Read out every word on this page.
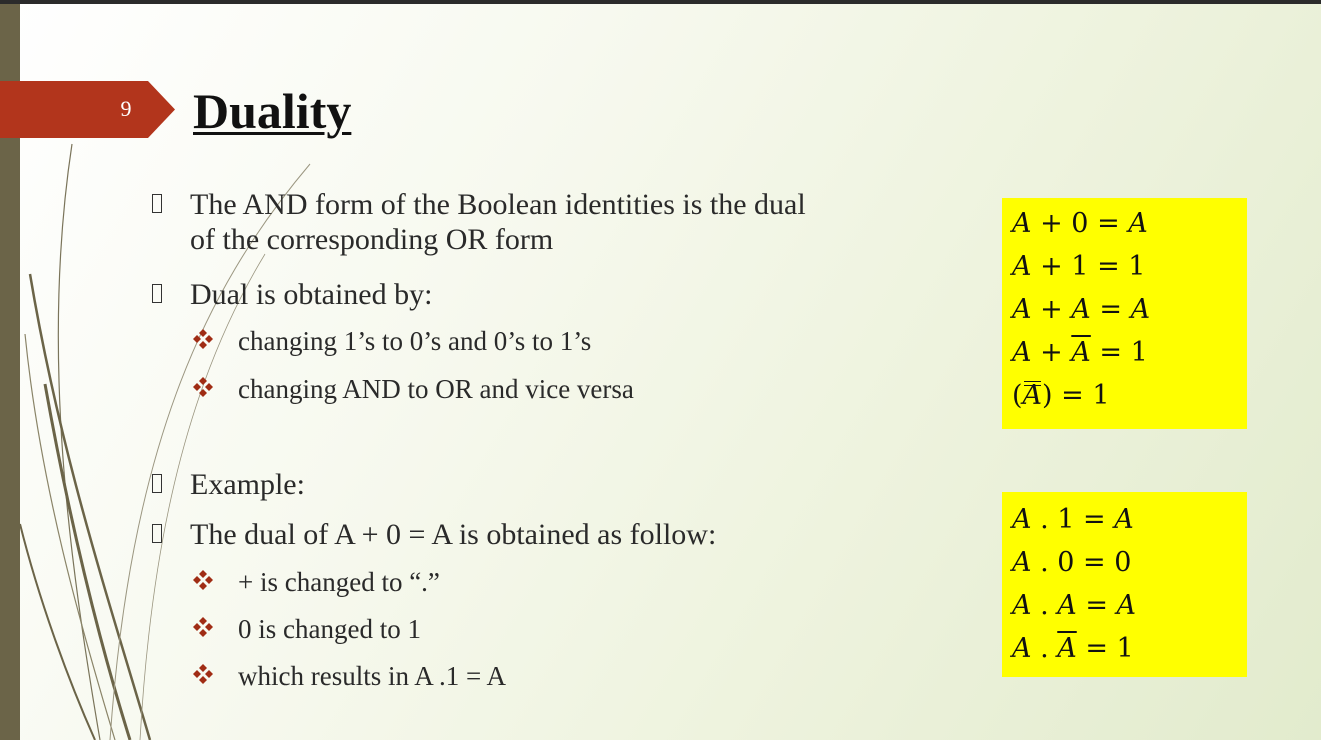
9 Duality
The AND form of the Boolean identities is the dual
of the corresponding OR form
Dual is obtained by:
changing 1’s to 0’s and 0’s to 1’s
changing AND to OR and vice versa
Example:
The dual of A + 0 = A is obtained as follow:
+ is changed to “.”
0 is changed to 1
which results in A .1 = A
A + 0 = A
A + 1 = 1
A + A = A
$A + \overline{A} = 1$
(
A) = 1
A . 1 = A
A . 0 = 0
A . A = A
A . $\overline{A} = 1$
